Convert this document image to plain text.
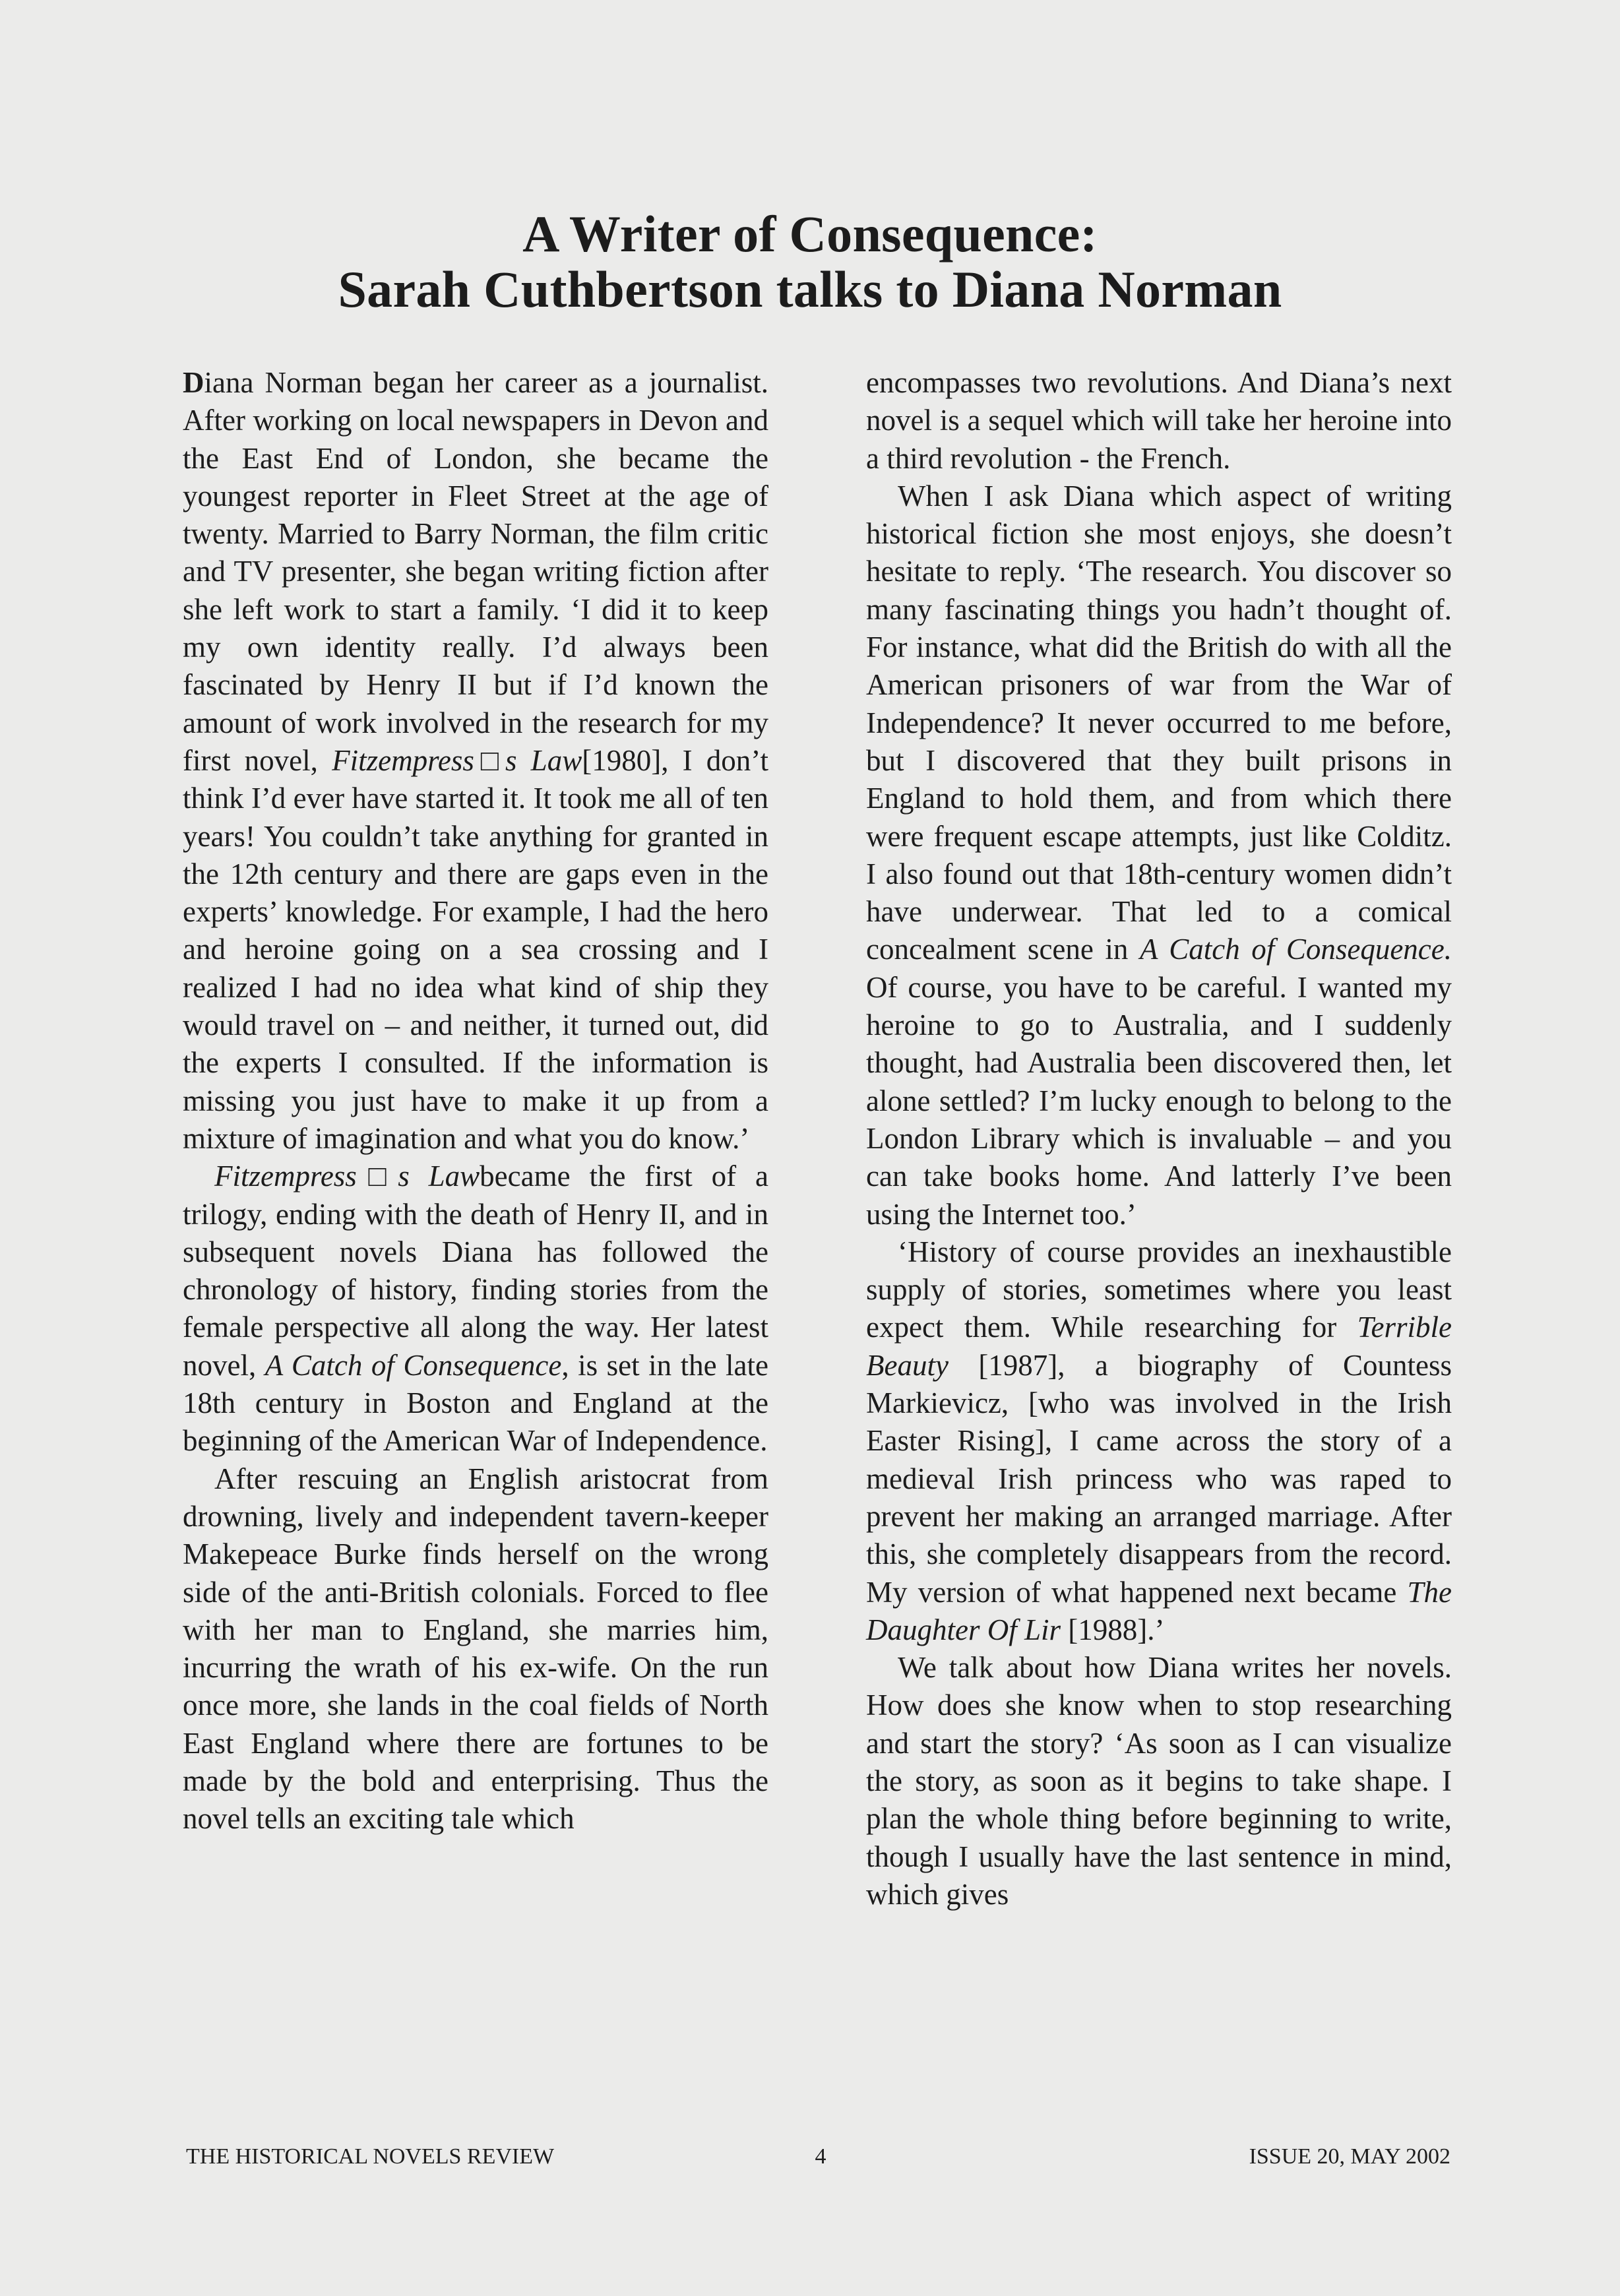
A Writer of Consequence:
Sarah Cuthbertson talks to Diana Norman

Diana Norman began her career as a journalist. After working on local newspapers in Devon and the East End of London, she became the youngest reporter in Fleet Street at the age of twenty. Married to Barry Norman, the film critic and TV presenter, she began writing fiction after she left work to start a family. ‘I did it to keep my own identity really. I’d always been fascinated by Henry II but if I’d known the amount of work involved in the research for my first novel, Fitzempress□s Law[1980], I don’t think I’d ever have started it. It took me all of ten years! You couldn’t take anything for granted in the 12th century and there are gaps even in the experts’ knowledge. For example, I had the hero and heroine going on a sea crossing and I realized I had no idea what kind of ship they would travel on – and neither, it turned out, did the experts I consulted. If the information is missing you just have to make it up from a mixture of imagination and what you do know.’

Fitzempress□s Lawbecame the first of a trilogy, ending with the death of Henry II, and in subsequent novels Diana has followed the chronology of history, finding stories from the female perspective all along the way. Her latest novel, A Catch of Consequence, is set in the late 18th century in Boston and England at the beginning of the American War of Independence.

After rescuing an English aristocrat from drowning, lively and independent tavern-keeper Makepeace Burke finds herself on the wrong side of the anti-British colonials. Forced to flee with her man to England, she marries him, incurring the wrath of his ex-wife. On the run once more, she lands in the coal fields of North East England where there are fortunes to be made by the bold and enterprising. Thus the novel tells an exciting tale which

encompasses two revolutions. And Diana’s next novel is a sequel which will take her heroine into a third revolution - the French.

When I ask Diana which aspect of writing historical fiction she most enjoys, she doesn’t hesitate to reply. ‘The research. You discover so many fascinating things you hadn’t thought of. For instance, what did the British do with all the American prisoners of war from the War of Independence? It never occurred to me before, but I discovered that they built prisons in England to hold them, and from which there were frequent escape attempts, just like Colditz. I also found out that 18th-century women didn’t have underwear. That led to a comical concealment scene in A Catch of Consequence. Of course, you have to be careful. I wanted my heroine to go to Australia, and I suddenly thought, had Australia been discovered then, let alone settled? I’m lucky enough to belong to the London Library which is invaluable – and you can take books home. And latterly I’ve been using the Internet too.’

‘History of course provides an inexhaustible supply of stories, sometimes where you least expect them. While researching for Terrible Beauty [1987], a biography of Countess Markievicz, [who was involved in the Irish Easter Rising], I came across the story of a medieval Irish princess who was raped to prevent her making an arranged marriage. After this, she completely disappears from the record. My version of what happened next became The Daughter Of Lir [1988].’

We talk about how Diana writes her novels. How does she know when to stop researching and start the story? ‘As soon as I can visualize the story, as soon as it begins to take shape. I plan the whole thing before beginning to write, though I usually have the last sentence in mind, which gives

THE HISTORICAL NOVELS REVIEW	4	ISSUE 20, MAY 2002
